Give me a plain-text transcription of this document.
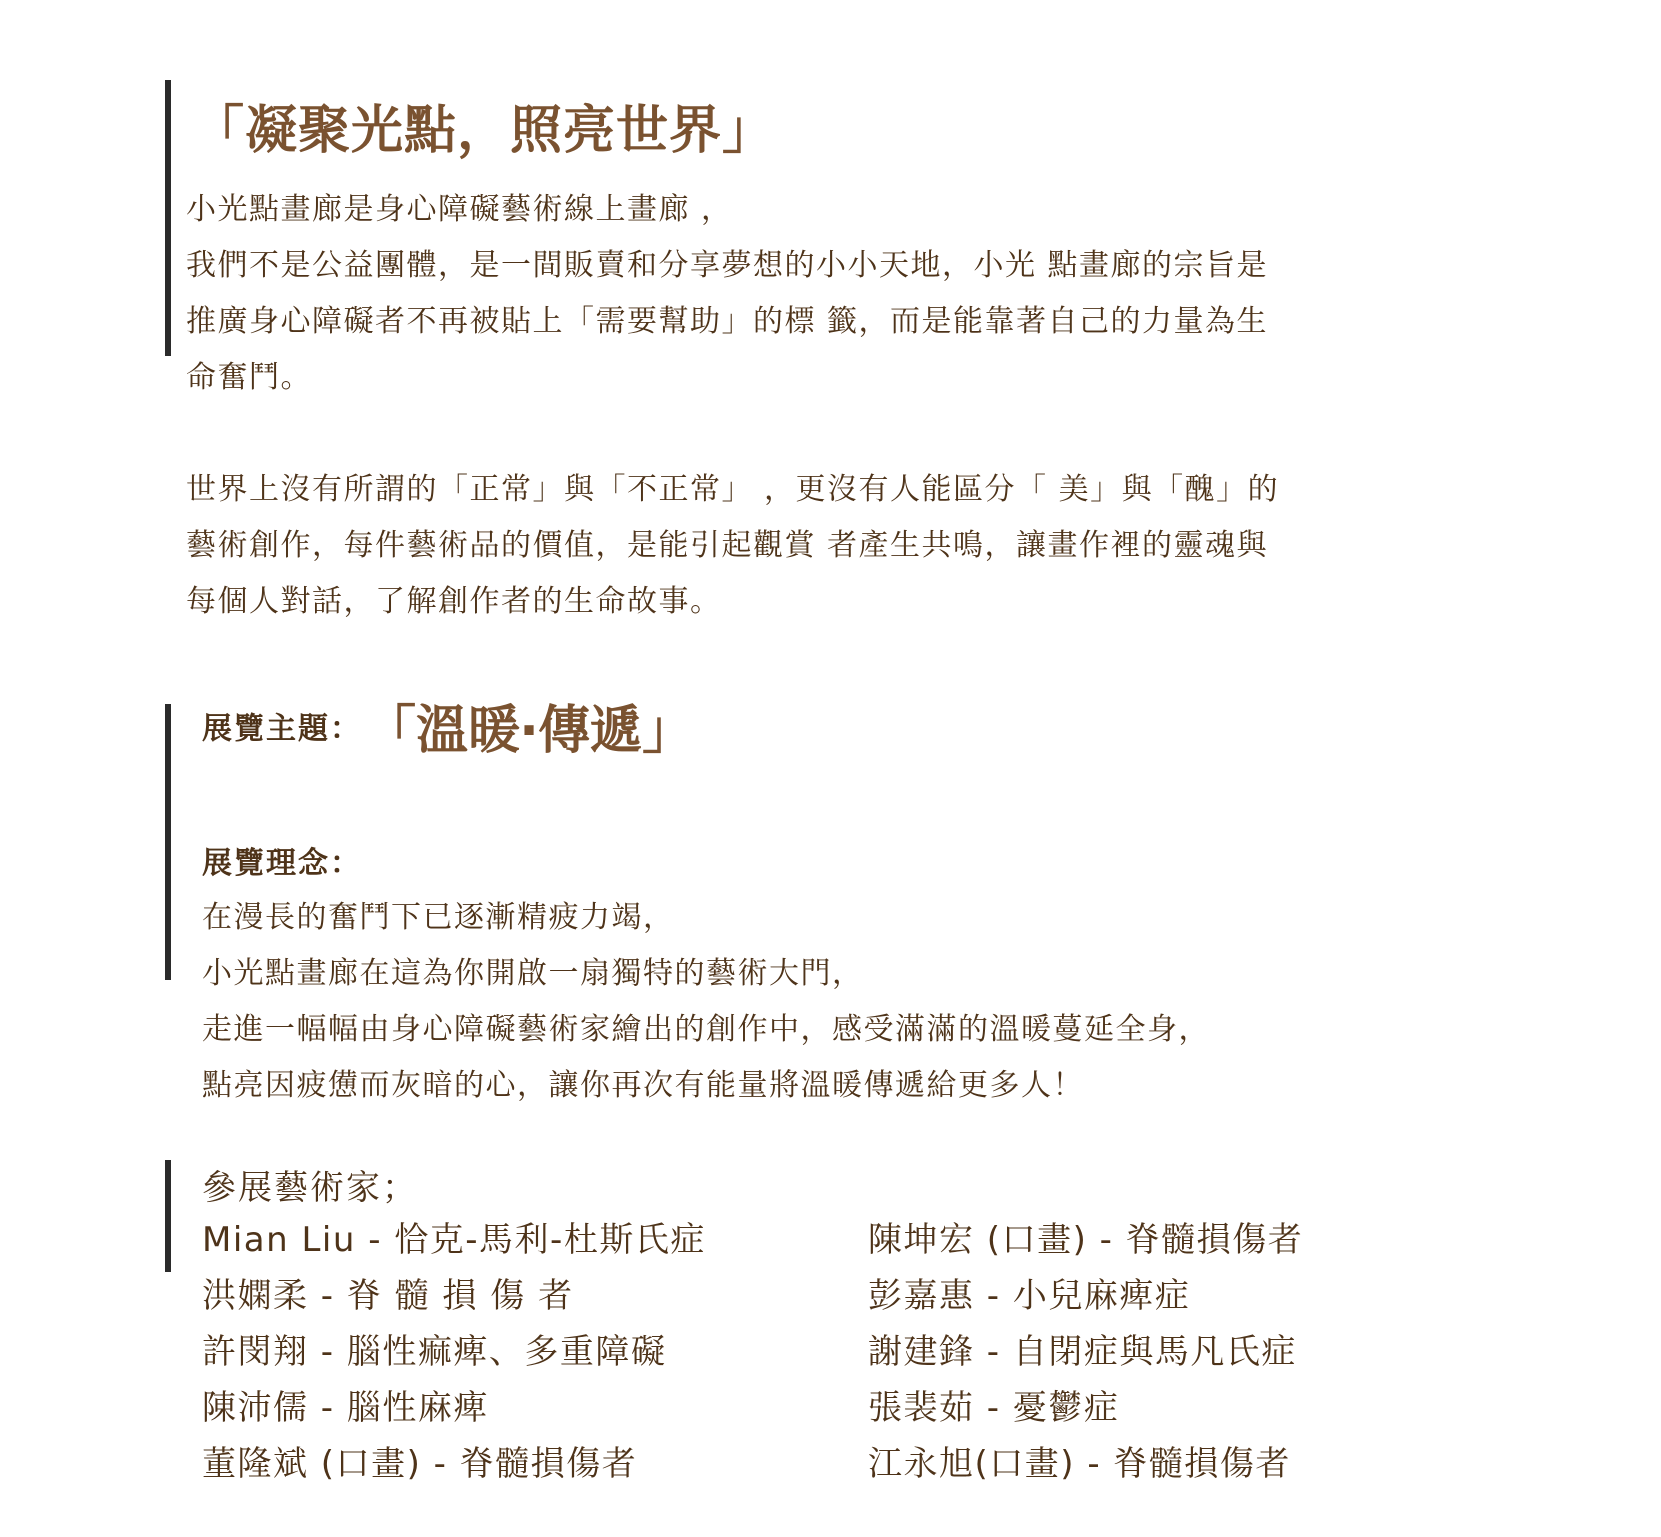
「凝聚光點，照亮世界」

小光點畫廊是身心障礙藝術線上畫廊 ，

我們不是公益團體，是一間販賣和分享夢想的小小天地，小光 點畫廊的宗旨是

推廣身心障礙者不再被貼上「需要幫助」的標 籤，而是能靠著自己的力量為生

命奮鬥。

世界上沒有所謂的「正常」與「不正常」 ，更沒有人能區分「 美」與「醜」的

藝術創作，每件藝術品的價值，是能引起觀賞 者產生共鳴，讓畫作裡的靈魂與

每個人對話，了解創作者的生命故事。

展覽主題： 「溫暖‧傳遞」

展覽理念：

在漫長的奮鬥下已逐漸精疲力竭，

小光點畫廊在這為你開啟一扇獨特的藝術大門，

走進一幅幅由身心障礙藝術家繪出的創作中，感受滿滿的溫暖蔓延全身，

點亮因疲憊而灰暗的心，讓你再次有能量將溫暖傳遞給更多人！

參展藝術家；

Mian Liu - 恰克-馬利-杜斯氏症
洪嫻柔 - 脊 髓 損 傷 者
許閔翔 - 腦性痲痺、多重障礙
陳沛儒 - 腦性麻痺
董隆斌 (口畫) - 脊髓損傷者
陳坤宏 (口畫) - 脊髓損傷者
彭嘉惠 - 小兒麻痺症
謝建鋒 - 自閉症與馬凡氏症
張裴茹 - 憂鬱症
江永旭(口畫) - 脊髓損傷者
